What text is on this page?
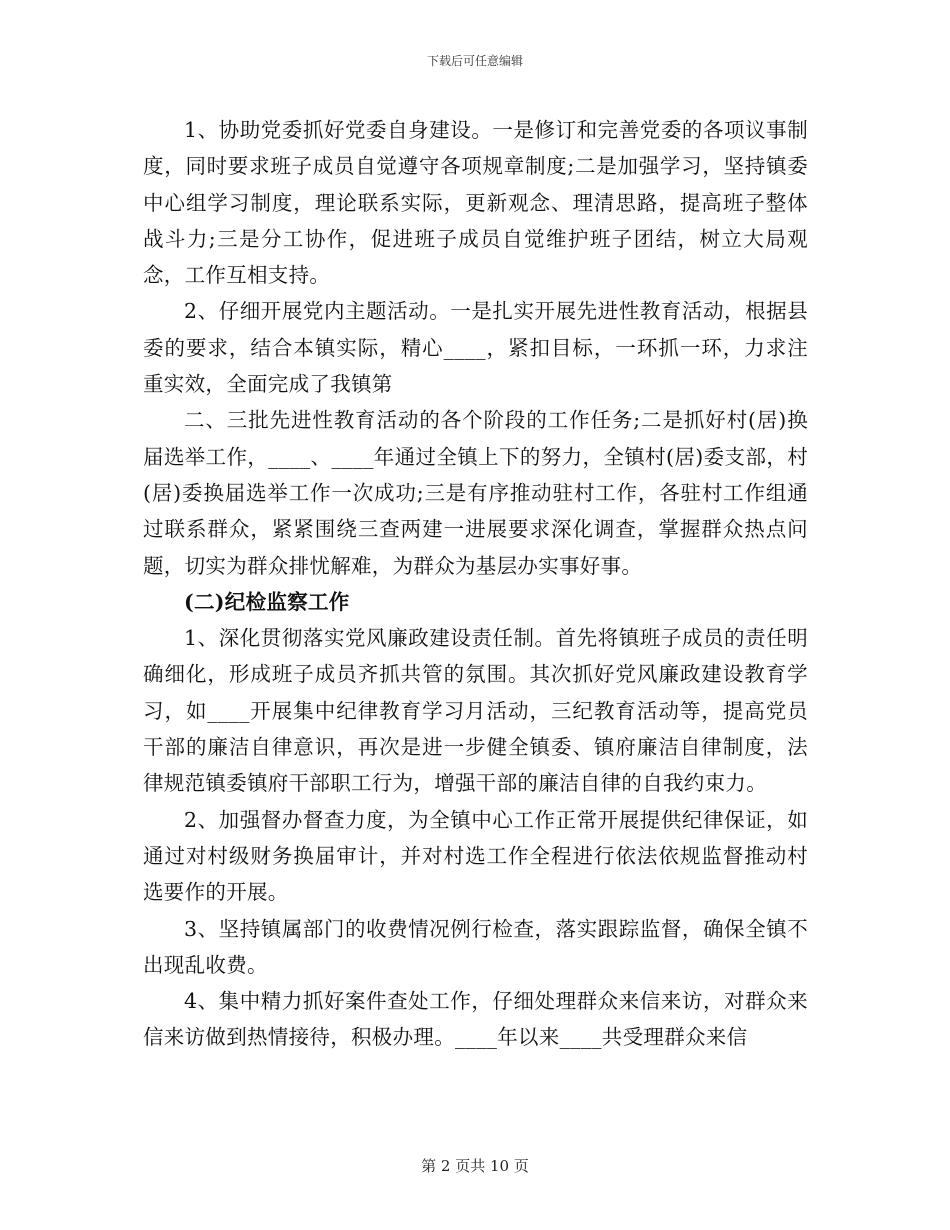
下载后可任意编辑

1、协助党委抓好党委自身建设。一是修订和完善党委的各项议事制度，同时要求班子成员自觉遵守各项规章制度;二是加强学习，坚持镇委中心组学习制度，理论联系实际，更新观念、理清思路，提高班子整体战斗力;三是分工协作，促进班子成员自觉维护班子团结，树立大局观念，工作互相支持。

2、仔细开展党内主题活动。一是扎实开展先进性教育活动，根据县委的要求，结合本镇实际，精心____，紧扣目标，一环抓一环，力求注重实效，全面完成了我镇第

二、三批先进性教育活动的各个阶段的工作任务;二是抓好村(居)换届选举工作，____、____年通过全镇上下的努力，全镇村(居)委支部，村(居)委换届选举工作一次成功;三是有序推动驻村工作，各驻村工作组通过联系群众，紧紧围绕三查两建一进展要求深化调查，掌握群众热点问题，切实为群众排忧解难，为群众为基层办实事好事。

(二)纪检监察工作

1、深化贯彻落实党风廉政建设责任制。首先将镇班子成员的责任明确细化，形成班子成员齐抓共管的氛围。其次抓好党风廉政建设教育学习，如____开展集中纪律教育学习月活动，三纪教育活动等，提高党员干部的廉洁自律意识，再次是进一步健全镇委、镇府廉洁自律制度，法律规范镇委镇府干部职工行为，增强干部的廉洁自律的自我约束力。

2、加强督办督查力度，为全镇中心工作正常开展提供纪律保证，如通过对村级财务换届审计，并对村选工作全程进行依法依规监督推动村选要作的开展。

3、坚持镇属部门的收费情况例行检查，落实跟踪监督，确保全镇不出现乱收费。

4、集中精力抓好案件查处工作，仔细处理群众来信来访，对群众来信来访做到热情接待，积极办理。____年以来____共受理群众来信

第 2 页共 10 页
